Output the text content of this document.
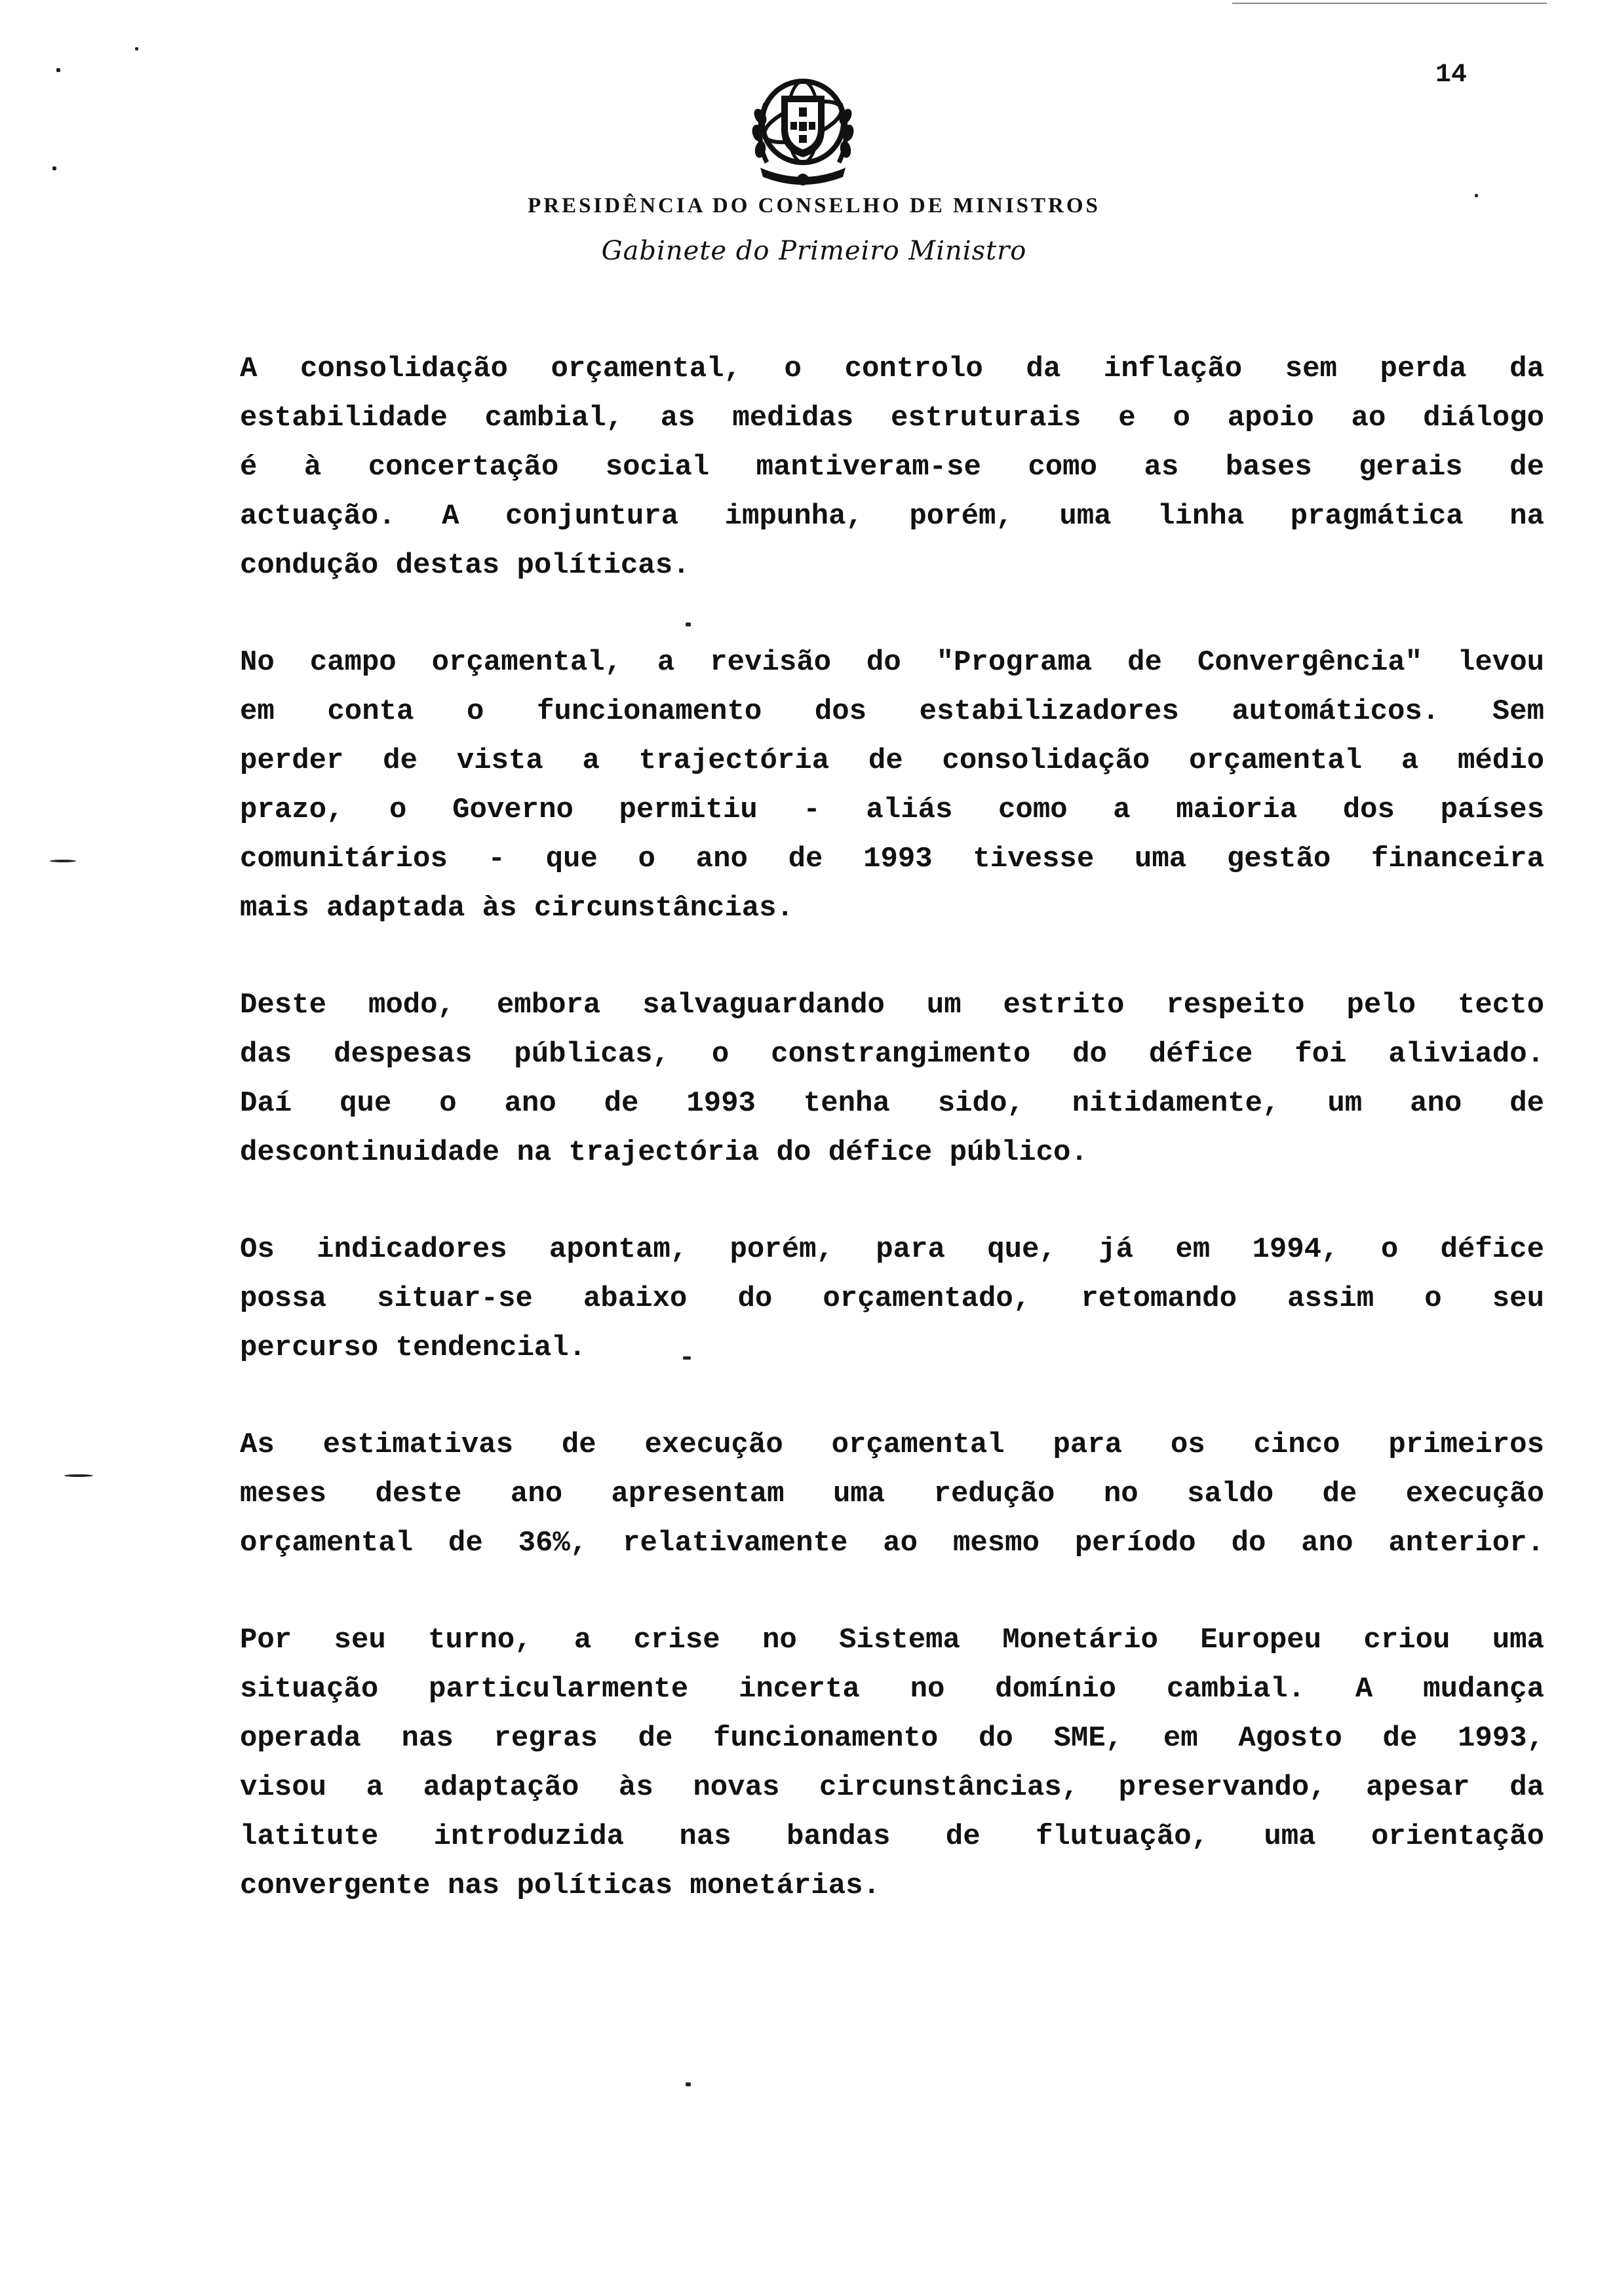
14
PRESIDÊNCIA DO CONSELHO DE MINISTROS
Gabinete do Primeiro Ministro
A consolidação orçamental, o controlo da inflação sem perda da
estabilidade cambial, as medidas estruturais e o apoio ao diálogo
é à concertação social mantiveram-se como as bases gerais de
actuação. A conjuntura impunha, porém, uma linha pragmática na
condução destas políticas.
No campo orçamental, a revisão do "Programa de Convergência" levou
em conta o funcionamento dos estabilizadores automáticos. Sem
perder de vista a trajectória de consolidação orçamental a médio
prazo, o Governo permitiu - aliás como a maioria dos países
comunitários - que o ano de 1993 tivesse uma gestão financeira
mais adaptada às circunstâncias.
Deste modo, embora salvaguardando um estrito respeito pelo tecto
das despesas públicas, o constrangimento do défice foi aliviado.
Daí que o ano de 1993 tenha sido, nitidamente, um ano de
descontinuidade na trajectória do défice público.
Os indicadores apontam, porém, para que, já em 1994, o défice
possa situar-se abaixo do orçamentado, retomando assim o seu
percurso tendencial.
As estimativas de execução orçamental para os cinco primeiros
meses deste ano apresentam uma redução no saldo de execução
orçamental de 36%, relativamente ao mesmo período do ano anterior.
Por seu turno, a crise no Sistema Monetário Europeu criou uma
situação particularmente incerta no domínio cambial. A mudança
operada nas regras de funcionamento do SME, em Agosto de 1993,
visou a adaptação às novas circunstâncias, preservando, apesar da
latitute introduzida nas bandas de flutuação, uma orientação
convergente nas políticas monetárias.
